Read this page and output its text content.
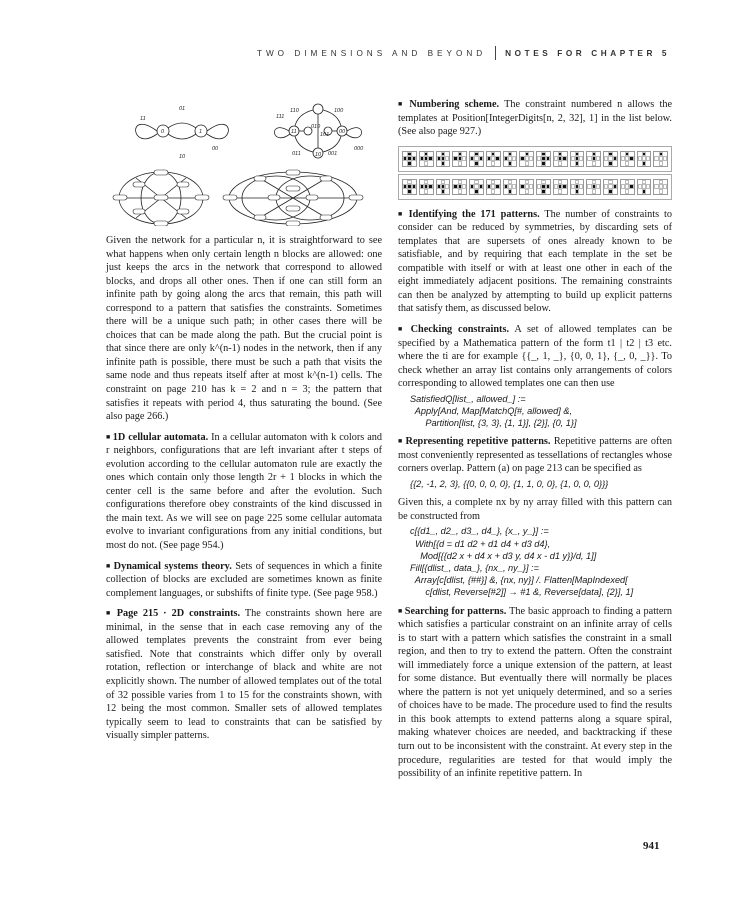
TWO DIMENSIONS AND BEYOND NOTES FOR CHAPTER 5
01
11
0	1
00
10
110	100
111
11
010
101 00
10
011	001
000

Given the network for a particular n, it is straightforward to see what happens when only certain length n blocks are allowed: one just keeps the arcs in the network that correspond to allowed blocks, and drops all other ones. Then if one can still form an infinite path by going along the arcs that remain, this path will correspond to a pattern that satisfies the constraints. Sometimes there will be a unique such path; in other cases there will be choices that can be made along the path. But the crucial point is that since there are only k^(n-1) nodes in the network, then if any infinite path is possible, there must be such a path that visits the same node and thus repeats itself after at most k^(n-1) cells. The constraint on page 210 has k = 2 and n = 3; the pattern that satisfies it repeats with period 4, thus saturating the bound. (See also page 266.)

■ 1D cellular automata. In a cellular automaton with k colors and r neighbors, configurations that are left invariant after t steps of evolution according to the cellular automaton rule are exactly the ones which contain only those length 2r + 1 blocks in which the center cell is the same before and after the evolution. Such configurations therefore obey constraints of the kind discussed in the main text. As we will see on page 225 some cellular automata evolve to invariant configurations from any initial conditions, but most do not. (See page 954.)

■ Dynamical systems theory. Sets of sequences in which a finite collection of blocks are excluded are sometimes known as finite complement languages, or subshifts of finite type. (See page 958.)

■ Page 215 · 2D constraints. The constraints shown here are minimal, in the sense that in each case removing any of the allowed templates prevents the constraint from ever being satisfied. Note that constraints which differ only by overall rotation, reflection or interchange of black and white are not explicitly shown. The number of allowed templates out of the total of 32 possible varies from 1 to 15 for the constraints shown, with 12 being the most common. Smaller sets of allowed templates typically seem to lead to constraints that can be satisfied by visually simpler patterns.

■ Numbering scheme. The constraint numbered n allows the templates at Position[IntegerDigits[n, 2, 32], 1] in the list below. (See also page 927.)

■ Identifying the 171 patterns. The number of constraints to consider can be reduced by symmetries, by discarding sets of templates that are supersets of ones already known to be satisfiable, and by requiring that each template in the set be compatible with itself or with at least one other in each of the eight immediately adjacent positions. The remaining constraints can then be analyzed by attempting to build up explicit patterns that satisfy them, as discussed below.

■ Checking constraints. A set of allowed templates can be specified by a Mathematica pattern of the form t1 | t2 | t3 etc. where the ti are for example {{_, 1, _}, {0, 0, 1}, {_, 0, _}}. To check whether an array list contains only arrangements of colors corresponding to allowed templates one can then use

SatisfiedQ[list_, allowed_] :=
Apply[And, Map[MatchQ[#, allowed] &,
Partition[list, {3, 3}, {1, 1}], {2}], {0, 1}]

■ Representing repetitive patterns. Repetitive patterns are often most conveniently represented as tessellations of rectangles whose corners overlap. Pattern (a) on page 213 can be specified as

{{2, -1, 2, 3}, {{0, 0, 0, 0}, {1, 1, 0, 0}, {1, 0, 0, 0}}}

Given this, a complete nx by ny array filled with this pattern can be constructed from

c[{d1_, d2_, d3_, d4_}, {x_, y_}] :=
With[{d = d1 d2 + d1 d4 + d3 d4},
Mod[{{d2 x + d4 x + d3 y, d4 x - d1 y}}/d, 1]]
Fill[{dlist_, data_}, {nx_, ny_}] :=
Array[c[dlist, {##}] &, {nx, ny}] /. Flatten[MapIndexed[
c[dlist, Reverse[#2]] → #1 &, Reverse[data], {2}], 1]

■ Searching for patterns. The basic approach to finding a pattern which satisfies a particular constraint on an infinite array of cells is to start with a pattern which satisfies the constraint in a small region, and then to try to extend the pattern. Often the constraint will immediately force a unique extension of the pattern, at least for some distance. But eventually there will normally be places where the pattern is not yet uniquely determined, and so a series of choices have to be made. The procedure used to find the results in this book attempts to extend patterns along a square spiral, making whatever choices are needed, and backtracking if these turn out to be inconsistent with the constraint. At every step in the procedure, regularities are tested for that would imply the possibility of an infinite repetitive pattern. In

941
